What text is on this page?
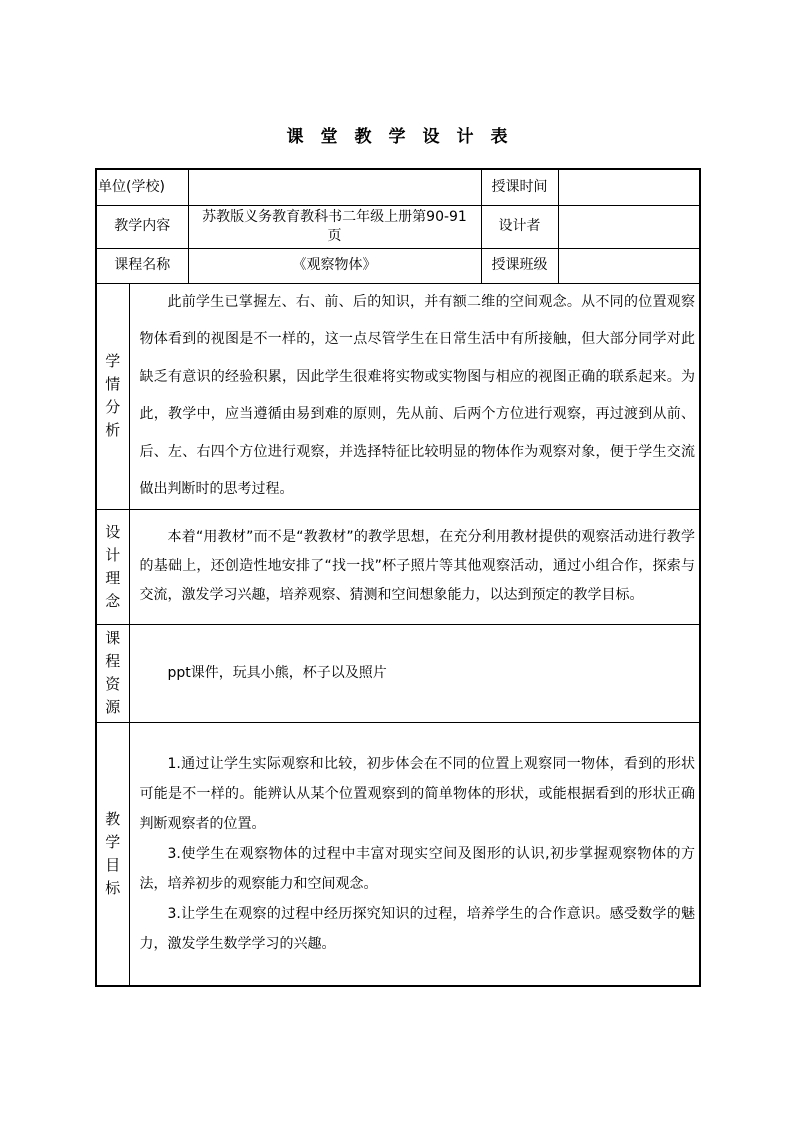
课堂教学设计表
单位(学校)			授课时间	
教学内容		苏教版义务教育教科书二年级上册第90-91页	设计者	
课程名称		《观察物体》	授课班级	

学情分析	此前学生已掌握左、右、前、后的知识，并有额二维的空间观念。从不同的位置观察物体看到的视图是不一样的，这一点尽管学生在日常生活中有所接触，但大部分同学对此缺乏有意识的经验积累，因此学生很难将实物或实物图与相应的视图正确的联系起来。为此，教学中，应当遵循由易到难的原则，先从前、后两个方位进行观察，再过渡到从前、后、左、右四个方位进行观察，并选择特征比较明显的物体作为观察对象，便于学生交流做出判断时的思考过程。			

设计理念	本着“用教材”而不是“教教材”的教学思想，在充分利用教材提供的观察活动进行教学的基础上，还创造性地安排了“找一找”杯子照片等其他观察活动，通过小组合作，探索与交流，激发学习兴趣，培养观察、猜测和空间想象能力，以达到预定的教学目标。			

课程资源	ppt课件，玩具小熊，杯子以及照片			

教学目标	1.通过让学生实际观察和比较，初步体会在不同的位置上观察同一物体，看到的形状可能是不一样的。能辨认从某个位置观察到的简单物体的形状，或能根据看到的形状正确判断观察者的位置。

3.使学生在观察物体的过程中丰富对现实空间及图形的认识,初步掌握观察物体的方法，培养初步的观察能力和空间观念。

3.让学生在观察的过程中经历探究知识的过程，培养学生的合作意识。感受数学的魅力，激发学生数学学习的兴趣。			
